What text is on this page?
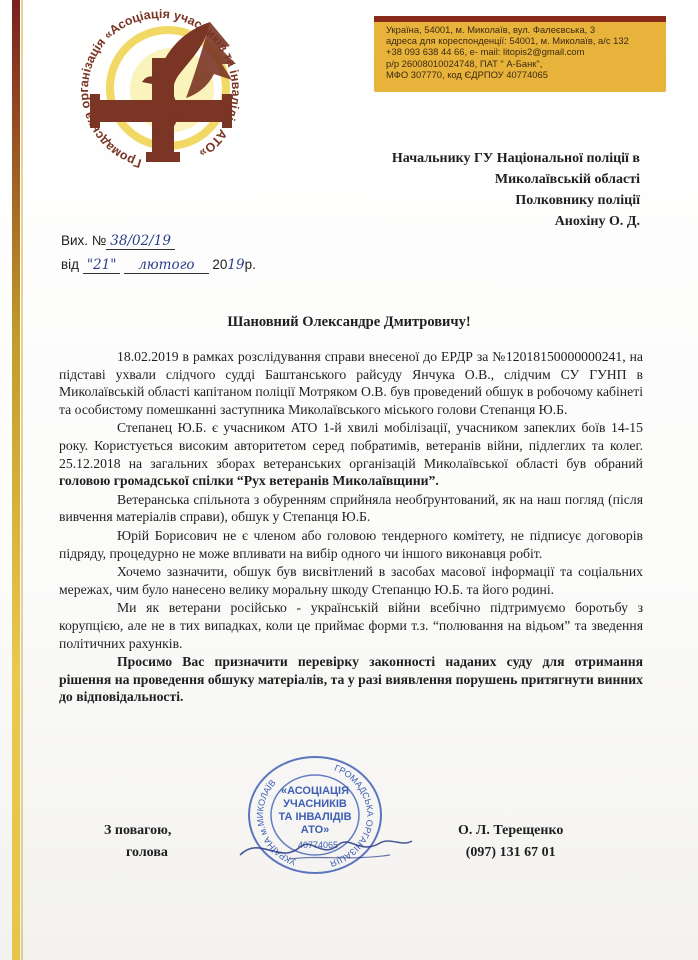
Громадська організація «Асоціація учасників та інвалідів АТО»
Україна, 54001, м. Миколаїв, вул. Фалеєвська, 3
адреса для кореспонденції: 54001, м. Миколаїв, а/с 132
+38 093 638 44 66, е- mail: litopis2@gmail.com
р/р 26008010024748, ПАТ " А-Банк",
МФО 307770, код ЄДРПОУ 40774065
Начальнику ГУ Національної поліції в
Миколаївській області
Полковнику поліції
Анохіну О. Д.
Вих. № 38/02/19
від "21" лютого 2019р.
Шановний Олександре Дмитровичу!

18.02.2019 в рамках розслідування справи внесеної до ЕРДР за №12018150000000241, на підставі ухвали слідчого судді Баштанського райсуду Янчука О.В., слідчим СУ ГУНП в Миколаївській області капітаном поліції Мотряком О.В. був проведений обшук в робочому кабінеті та особистому помешканні заступника Миколаївського міського голови Степанця Ю.Б.

Степанец Ю.Б. є учасником АТО 1-й хвилі мобілізації, учасником запеклих боїв 14-15 року. Користується високим авторитетом серед побратимів, ветеранів війни, підлеглих та колег. 25.12.2018 на загальних зборах ветеранських організацій Миколаївської області був обраний головою громадської спілки “Рух ветеранів Миколаївщини”.

Ветеранська спільнота з обуренням сприйняла необґрунтований, як на наш погляд (після вивчення матеріалів справи), обшук у Степанця Ю.Б.

Юрій Борисович не є членом або головою тендерного комітету, не підписує договорів підряду, процедурно не може впливати на вибір одного чи іншого виконавця робіт.

Хочемо зазначити, обшук був висвітлений в засобах масової інформації та соціальних мережах, чим було нанесено велику моральну шкоду Степанцю Ю.Б. та його родині.

Ми як ветерани російсько - українській війни всебічно підтримуємо боротьбу з корупцією, але не в тих випадках, коли це приймає форми т.з. “полювання на відьом” та зведення політичних рахунків.

Просимо Вас призначити перевірку законності наданих суду для отримання рішення на проведення обшуку матеріалів, та у разі виявлення порушень притягнути винних до відповідальності.

ГРОМАДСЬКА ОРГАНІЗАЦІЯ
УКРАЇНА м.МИКОЛАЇВ
«АСОЦІАЦІЯ
УЧАСНИКІВ
ТА ІНВАЛІДІВ
АТО»
40774065
З повагою,
голова
О. Л. Терещенко
(097) 131 67 01
